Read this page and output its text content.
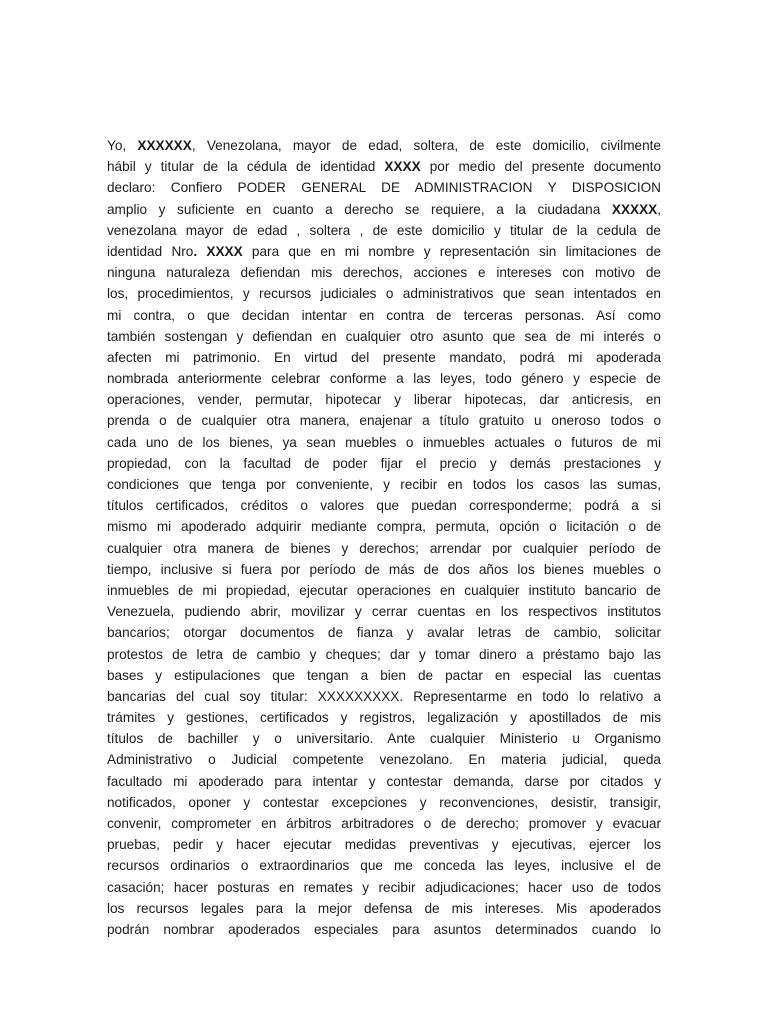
Yo, XXXXXX, Venezolana, mayor de edad, soltera, de este domicilio, civilmente
hábil y titular de la cédula de identidad XXXX por medio del presente documento
declaro: Confiero PODER GENERAL DE ADMINISTRACION Y DISPOSICION
amplio y suficiente en cuanto a derecho se requiere, a la ciudadana XXXXX,
venezolana mayor de edad , soltera , de este domicilio y titular de la cedula de
identidad Nro. XXXX para que en mi nombre y representación sin limitaciones de
ninguna naturaleza defiendan mis derechos, acciones e intereses con motivo de
los, procedimientos, y recursos judiciales o administrativos que sean intentados en
mi contra, o que decidan intentar en contra de terceras personas. Así como
también sostengan y defiendan en cualquier otro asunto que sea de mi interés o
afecten mi patrimonio. En virtud del presente mandato, podrá mi apoderada
nombrada anteriormente celebrar conforme a las leyes, todo género y especie de
operaciones, vender, permutar, hipotecar y liberar hipotecas, dar anticresis, en
prenda o de cualquier otra manera, enajenar a título gratuito u oneroso todos o
cada uno de los bienes, ya sean muebles o inmuebles actuales o futuros de mi
propiedad, con la facultad de poder fijar el precio y demás prestaciones y
condiciones que tenga por conveniente, y recibir en todos los casos las sumas,
títulos certificados, créditos o valores que puedan corresponderme; podrá a si
mismo mi apoderado adquirir mediante compra, permuta, opción o licitación o de
cualquier otra manera de bienes y derechos; arrendar por cualquier período de
tiempo, inclusive si fuera por período de más de dos años los bienes muebles o
inmuebles de mi propiedad, ejecutar operaciones en cualquier instituto bancario de
Venezuela, pudiendo abrir, movilizar y cerrar cuentas en los respectivos institutos
bancarios; otorgar documentos de fianza y avalar letras de cambio, solicitar
protestos de letra de cambio y cheques; dar y tomar dinero a préstamo bajo las
bases y estipulaciones que tengan a bien de pactar en especial las cuentas
bancarias del cual soy titular: XXXXXXXXX. Representarme en todo lo relativo a
trámites y gestiones, certificados y registros, legalización y apostillados de mis
títulos de bachiller y o universitario. Ante cualquier Ministerio u Organismo
Administrativo o Judicial competente venezolano. En materia judicial, queda
facultado mi apoderado para intentar y contestar demanda, darse por citados y
notificados, oponer y contestar excepciones y reconvenciones, desistir, transigir,
convenir, comprometer en árbitros arbitradores o de derecho; promover y evacuar
pruebas, pedir y hacer ejecutar medidas preventivas y ejecutivas, ejercer los
recursos ordinarios o extraordinarios que me conceda las leyes, inclusive el de
casación; hacer posturas en remates y recibir adjudicaciones; hacer uso de todos
los recursos legales para la mejor defensa de mis intereses. Mis apoderados
podrán nombrar apoderados especiales para asuntos determinados cuando lo
